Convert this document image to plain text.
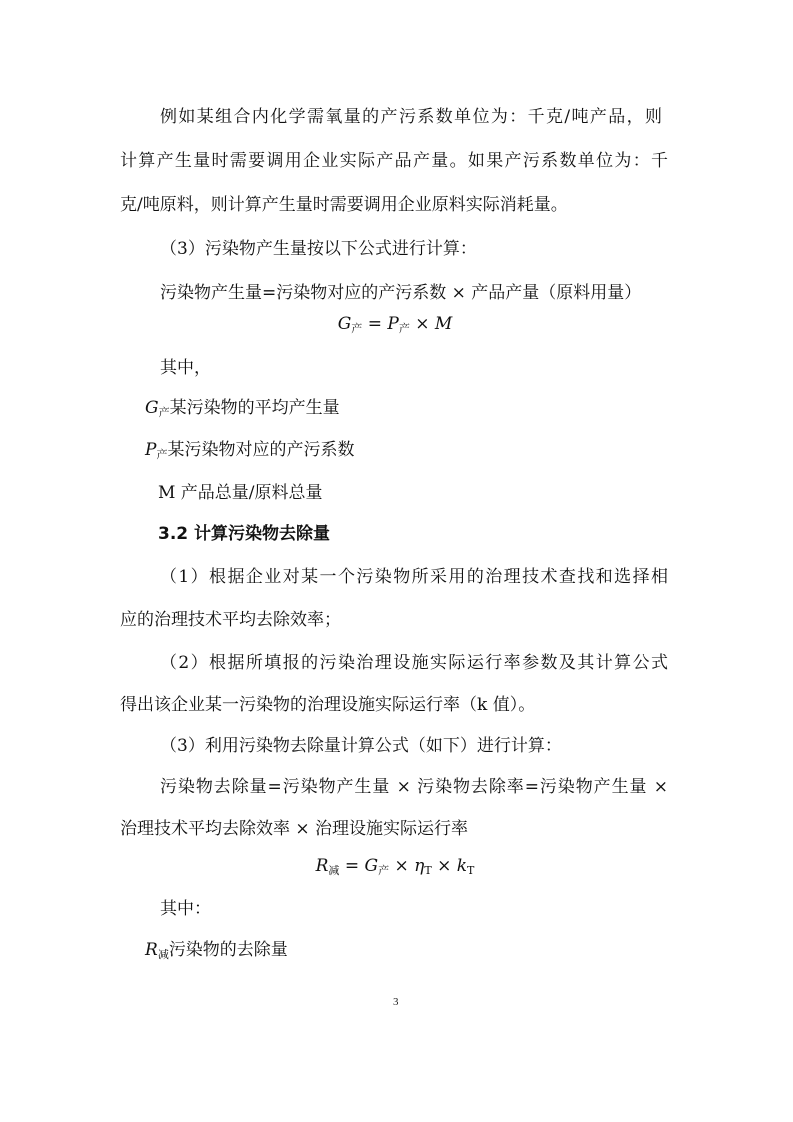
例如某组合内化学需氧量的产污系数单位为：千克/吨产品，则
计算产生量时需要调用企业实际产品产量。如果产污系数单位为：千
克/吨原料，则计算产生量时需要调用企业原料实际消耗量。
（3）污染物产生量按以下公式进行计算：
污染物产生量=污染物对应的产污系数 × 产品产量（原料用量）
$G_产 = P_产 \times M$
其中，
$G_产$某污染物的平均产生量
$P_产$某污染物对应的产污系数
M 产品总量/原料总量
3.2 计算污染物去除量
（1）根据企业对某一个污染物所采用的治理技术查找和选择相
应的治理技术平均去除效率；
（2）根据所填报的污染治理设施实际运行率参数及其计算公式
得出该企业某一污染物的治理设施实际运行率（k 值）。
（3）利用污染物去除量计算公式（如下）进行计算：
污染物去除量=污染物产生量 × 污染物去除率=污染物产生量 ×
治理技术平均去除效率 × 治理设施实际运行率
$R_减 = G_产 \times \eta_T \times k_T$
其中：
$R_减$污染物的去除量
3
